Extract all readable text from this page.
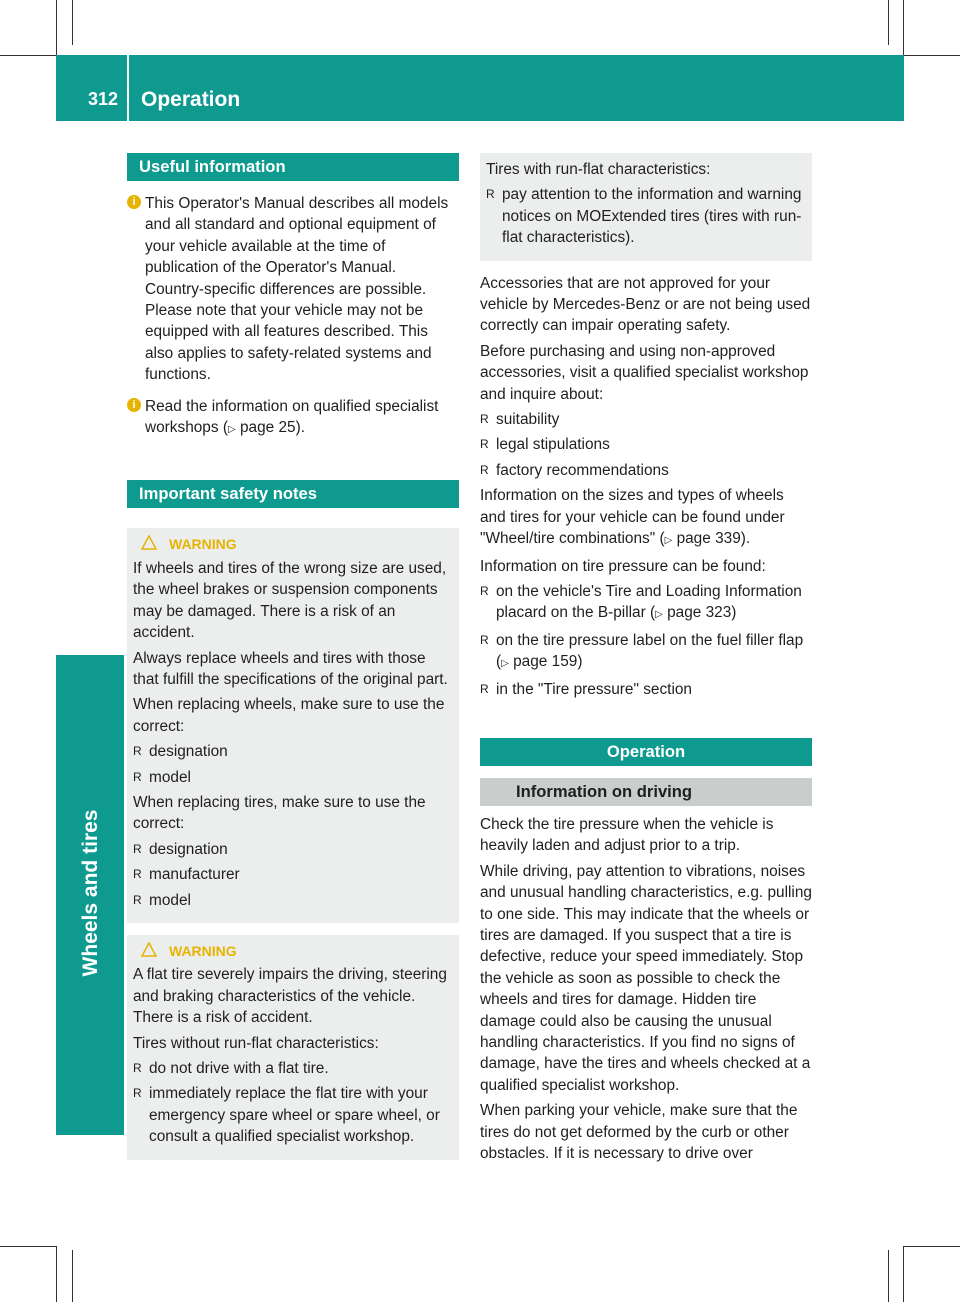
312 Operation
Wheels and tires
Useful information
i This Operator's Manual describes all models and all standard and optional equipment of your vehicle available at the time of publication of the Operator's Manual. Country-specific differences are possible. Please note that your vehicle may not be equipped with all features described. This also applies to safety-related systems and functions.
i Read the information on qualified specialist workshops (▷ page 25).
Important safety notes
WARNING

If wheels and tires of the wrong size are used, the wheel brakes or suspension components may be damaged. There is a risk of an accident.

Always replace wheels and tires with those that fulfill the specifications of the original part.

When replacing wheels, make sure to use the correct:

R designation
R model

When replacing tires, make sure to use the correct:

R designation
R manufacturer
R model
WARNING

A flat tire severely impairs the driving, steering and braking characteristics of the vehicle. There is a risk of accident.

Tires without run-flat characteristics:

R do not drive with a flat tire.
R immediately replace the flat tire with your emergency spare wheel or spare wheel, or consult a qualified specialist workshop.

Tires with run-flat characteristics:

R pay attention to the information and warning notices on MOExtended tires (tires with run-flat characteristics).

Accessories that are not approved for your vehicle by Mercedes-Benz or are not being used correctly can impair operating safety.

Before purchasing and using non-approved accessories, visit a qualified specialist workshop and inquire about:

R suitability
R legal stipulations
R factory recommendations

Information on the sizes and types of wheels and tires for your vehicle can be found under "Wheel/tire combinations" (▷ page 339).

Information on tire pressure can be found:

R on the vehicle's Tire and Loading Information placard on the B-pillar (▷ page 323)
R on the tire pressure label on the fuel filler flap (▷ page 159)
R in the "Tire pressure" section
Operation
Information on driving

Check the tire pressure when the vehicle is heavily laden and adjust prior to a trip.

While driving, pay attention to vibrations, noises and unusual handling characteristics, e.g. pulling to one side. This may indicate that the wheels or tires are damaged. If you suspect that a tire is defective, reduce your speed immediately. Stop the vehicle as soon as possible to check the wheels and tires for damage. Hidden tire damage could also be causing the unusual handling characteristics. If you find no signs of damage, have the tires and wheels checked at a qualified specialist workshop.

When parking your vehicle, make sure that the tires do not get deformed by the curb or other obstacles. If it is necessary to drive over
